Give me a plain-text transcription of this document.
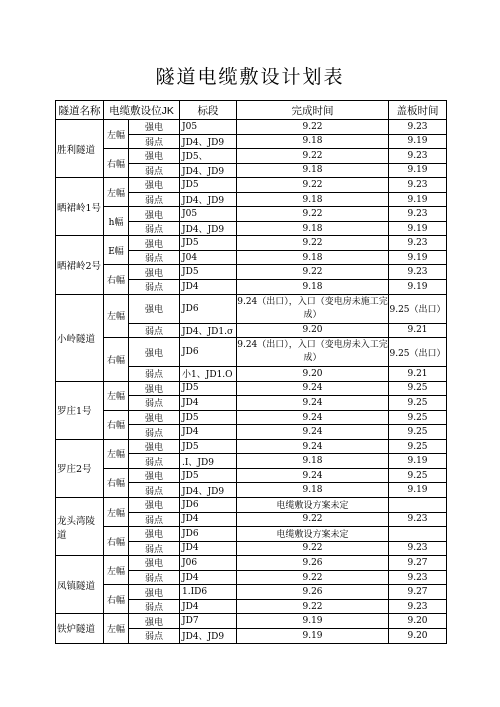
隧道电缆敷设计划表
隧道名称	电缆敷设位JK		标段	完成时间	盖板时间
胜利隧道	左幅	强电	J05	9.22	9.23
		弱点	JD4、JD9	9.18	9.19
	右幅	强电	JD5、	9.22	9.23
		弱点	JD4、JD9	9.18	9.19
晒裙岭1号	左幅	强电	JD5	9.22	9.23
		弱点	JD4、JD9	9.18	9.19
	h幅	强电	J05	9.22	9.23
		弱点	JD4、JD9	9.18	9.19
晒裙岭2号	E幅	强电	JD5	9.22	9.23
		弱点	J04	9.18	9.19
	右幅	强电	JD5	9.22	9.23
		弱点	JD4	9.18	9.19
小岭隧道	左幅	强电	JD6	9.24（出口），入口（变电房未施工完成）	9.25（出口）
		弱点	JD4、JD1.σ	9.20	9.21
	右幅	强电	JD6	9.24（出口），入口（变电房未入工完成）	9.25（出口）
		弱点	小1、JD1.O	9.20	9.21
罗庄1号	左幅	强电	JD5	9.24	9.25
		弱点	JD4	9.24	9.25
	右幅	强电	JD5	9.24	9.25
		弱点	JD4	9.24	9.25
罗庄2号	左幅	强电	JD5	9.24	9.25
		弱点	.I、JD9	9.18	9.19
	右幅	强电	JD5	9.24	9.25
		弱点	JD4、JD9	9.18	9.19
龙头湾陵道	左幅	强电	JD6	电缆敷设方案未定	
		弱点	JD4	9.22	9.23
	右幅	强电	JD6	电缆敷设方案未定	
		弱点	JD4	9.22	9.23
凤镇隧道	左幅	强电	J06	9.26	9.27
		弱点	JD4	9.22	9.23
	右幅	强电	1.ID6	9.26	9.27
		弱点	JD4	9.22	9.23
铁炉隧道	左幅	强电	JD7	9.19	9.20
		弱点	JD4、JD9	9.19	9.20
